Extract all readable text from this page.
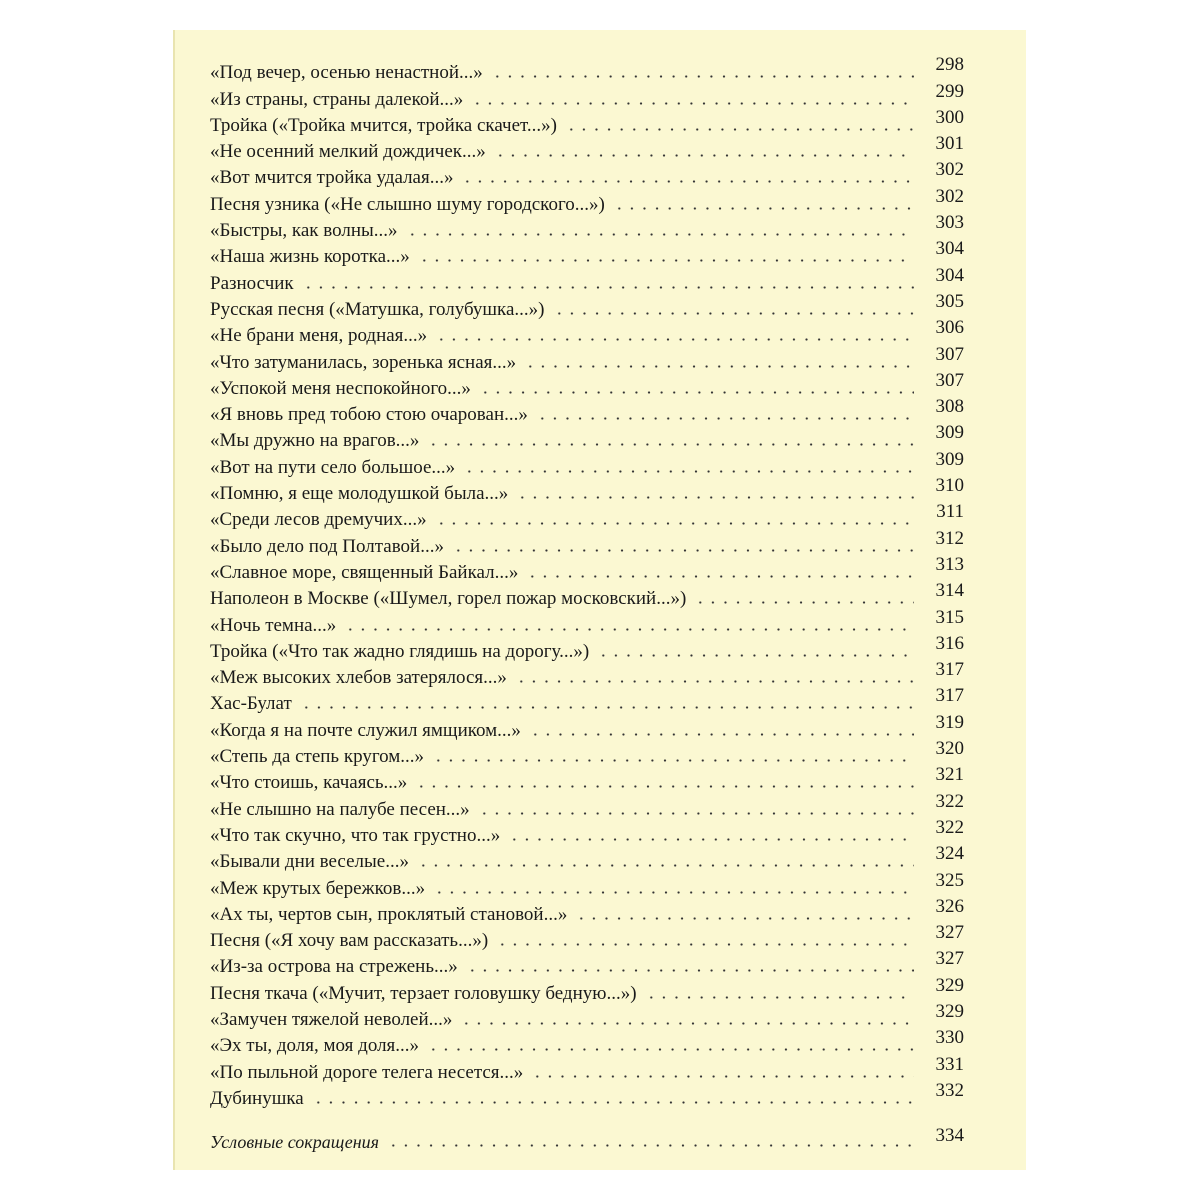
«Под вечер, осенью ненастной...»	298
«Из страны, страны далекой...»	299
Тройка («Тройка мчится, тройка скачет...»)	300
«Не осенний мелкий дождичек...»	301
«Вот мчится тройка удалая...»	302
Песня узника («Не слышно шуму городского...»)	302
«Быстры, как волны...»	303
«Наша жизнь коротка...»	304
Разносчик	304
Русская песня («Матушка, голубушка...»)	305
«Не брани меня, родная...»	306
«Что затуманилась, зоренька ясная...»	307
«Успокой меня неспокойного...»	307
«Я вновь пред тобою стою очарован...»	308
«Мы дружно на врагов...»	309
«Вот на пути село большое...»	309
«Помню, я еще молодушкой была...»	310
«Среди лесов дремучих...»	311
«Было дело под Полтавой...»	312
«Славное море, священный Байкал...»	313
Наполеон в Москве («Шумел, горел пожар московский...»)	314
«Ночь темна...»	315
Тройка («Что так жадно глядишь на дорогу...»)	316
«Меж высоких хлебов затерялося...»	317
Хас-Булат	317
«Когда я на почте служил ямщиком...»	319
«Степь да степь кругом...»	320
«Что стоишь, качаясь...»	321
«Не слышно на палубе песен...»	322
«Что так скучно, что так грустно...»	322
«Бывали дни веселые...»	324
«Меж крутых бережков...»	325
«Ах ты, чертов сын, проклятый становой...»	326
Песня («Я хочу вам рассказать...»)	327
«Из-за острова на стрежень...»	327
Песня ткача («Мучит, терзает головушку бедную...»)	329
«Замучен тяжелой неволей...»	329
«Эх ты, доля, моя доля...»	330
«По пыльной дороге телега несется...»	331
Дубинушка	332
Условные сокращения	334
